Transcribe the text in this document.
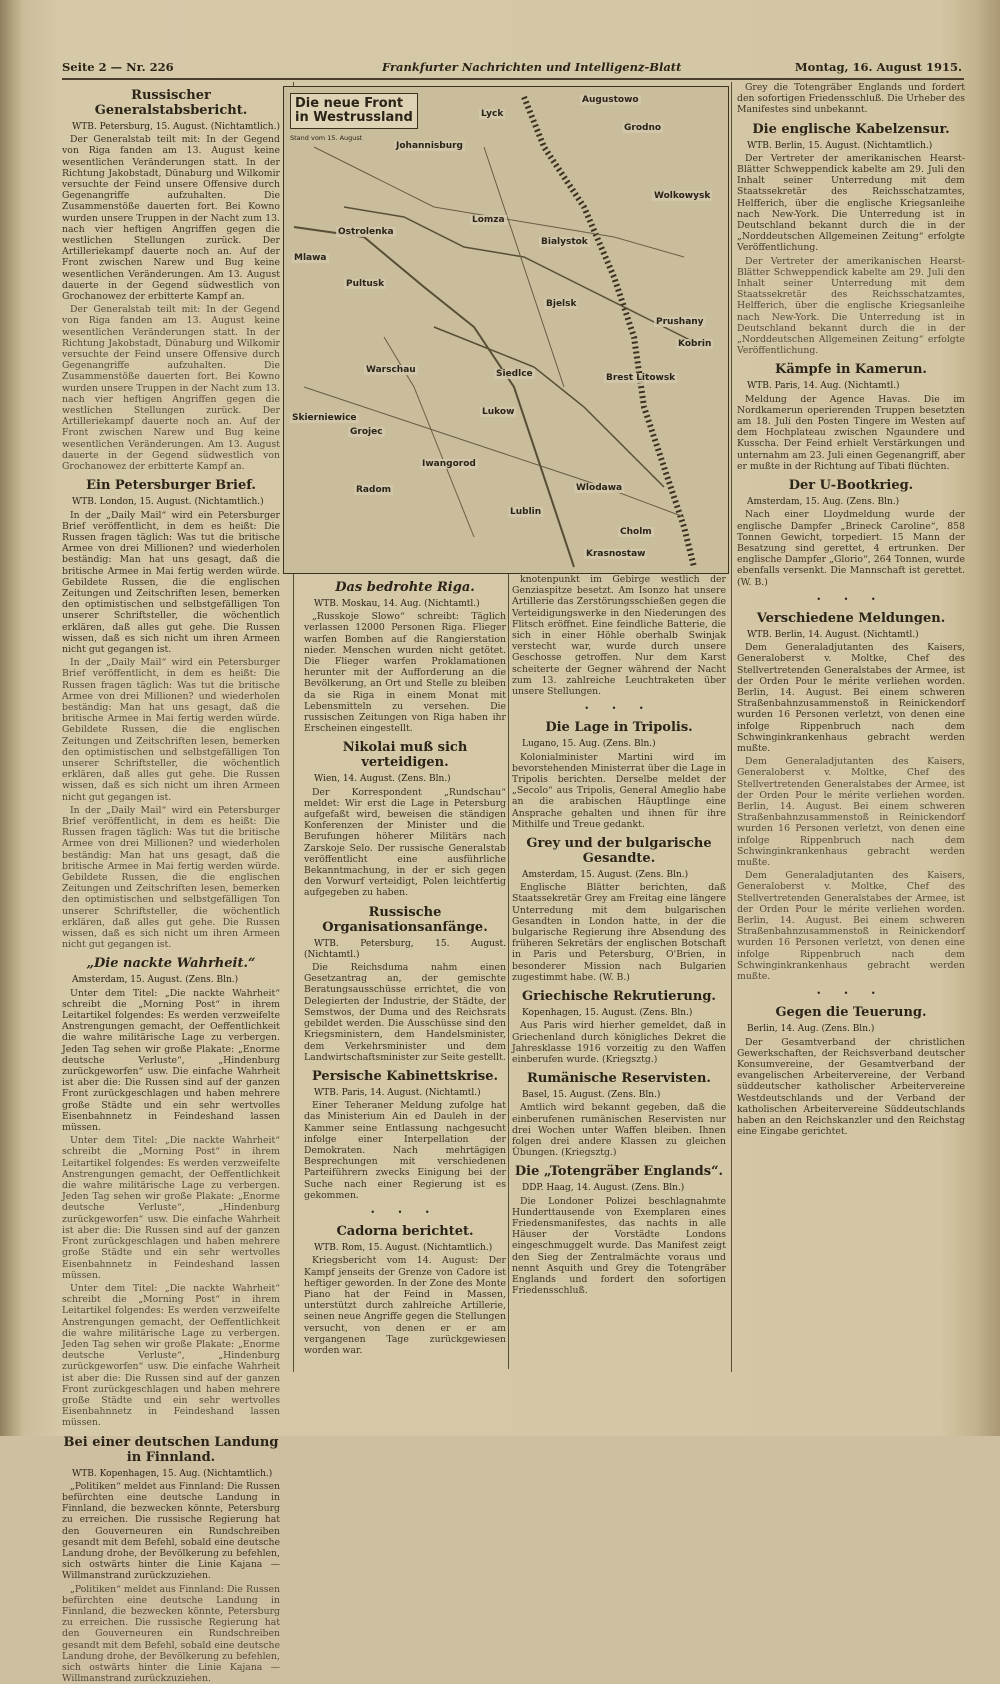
Seite 2 — Nr. 226	Frankfurter Nachrichten und Intelligenz-Blatt	Montag, 16. August 1915.
Russischer Generalstabsbericht.
WTB. Petersburg, 15. August. (Nichtamtlich.)
Der Generalstab teilt mit: In der Gegend von Riga fanden am 13. August keine wesentlichen Veränderungen statt. In der Richtung Jakobstadt, Dünaburg und Wilkomir versuchte der Feind unsere Offensive durch Gegenangriffe aufzuhalten. Die Zusammenstöße dauerten fort. Bei Kowno wurden unsere Truppen in der Nacht zum 13. nach vier heftigen Angriffen gegen die westlichen Stellungen zurück. Der Artilleriekampf dauerte noch an. Auf der Front zwischen Narew und Bug keine wesentlichen Veränderungen. Am 13. August dauerte in der Gegend südwestlich von Grochanowez der erbitterte Kampf an.
Der Generalstab teilt mit: In der Gegend von Riga fanden am 13. August keine wesentlichen Veränderungen statt. In der Richtung Jakobstadt, Dünaburg und Wilkomir versuchte der Feind unsere Offensive durch Gegenangriffe aufzuhalten. Die Zusammenstöße dauerten fort. Bei Kowno wurden unsere Truppen in der Nacht zum 13. nach vier heftigen Angriffen gegen die westlichen Stellungen zurück. Der Artilleriekampf dauerte noch an. Auf der Front zwischen Narew und Bug keine wesentlichen Veränderungen. Am 13. August dauerte in der Gegend südwestlich von Grochanowez der erbitterte Kampf an.
Ein Petersburger Brief.
WTB. London, 15. August. (Nichtamtlich.)
In der „Daily Mail“ wird ein Petersburger Brief veröffentlicht, in dem es heißt: Die Russen fragen täglich: Was tut die britische Armee von drei Millionen? und wiederholen beständig: Man hat uns gesagt, daß die britische Armee in Mai fertig werden würde. Gebildete Russen, die die englischen Zeitungen und Zeitschriften lesen, bemerken den optimistischen und selbstgefälligen Ton unserer Schriftsteller, die wöchentlich erklären, daß alles gut gehe. Die Russen wissen, daß es sich nicht um ihren Armeen nicht gut gegangen ist.
In der „Daily Mail“ wird ein Petersburger Brief veröffentlicht, in dem es heißt: Die Russen fragen täglich: Was tut die britische Armee von drei Millionen? und wiederholen beständig: Man hat uns gesagt, daß die britische Armee in Mai fertig werden würde. Gebildete Russen, die die englischen Zeitungen und Zeitschriften lesen, bemerken den optimistischen und selbstgefälligen Ton unserer Schriftsteller, die wöchentlich erklären, daß alles gut gehe. Die Russen wissen, daß es sich nicht um ihren Armeen nicht gut gegangen ist.
In der „Daily Mail“ wird ein Petersburger Brief veröffentlicht, in dem es heißt: Die Russen fragen täglich: Was tut die britische Armee von drei Millionen? und wiederholen beständig: Man hat uns gesagt, daß die britische Armee in Mai fertig werden würde. Gebildete Russen, die die englischen Zeitungen und Zeitschriften lesen, bemerken den optimistischen und selbstgefälligen Ton unserer Schriftsteller, die wöchentlich erklären, daß alles gut gehe. Die Russen wissen, daß es sich nicht um ihren Armeen nicht gut gegangen ist.
„Die nackte Wahrheit.“
Amsterdam, 15. August. (Zens. Bln.)
Unter dem Titel: „Die nackte Wahrheit“ schreibt die „Morning Post“ in ihrem Leitartikel folgendes: Es werden verzweifelte Anstrengungen gemacht, der Oeffentlichkeit die wahre militärische Lage zu verbergen. Jeden Tag sehen wir große Plakate: „Enorme deutsche Verluste“, „Hindenburg zurückgeworfen“ usw. Die einfache Wahrheit ist aber die: Die Russen sind auf der ganzen Front zurückgeschlagen und haben mehrere große Städte und ein sehr wertvolles Eisenbahnnetz in Feindeshand lassen müssen.
Unter dem Titel: „Die nackte Wahrheit“ schreibt die „Morning Post“ in ihrem Leitartikel folgendes: Es werden verzweifelte Anstrengungen gemacht, der Oeffentlichkeit die wahre militärische Lage zu verbergen. Jeden Tag sehen wir große Plakate: „Enorme deutsche Verluste“, „Hindenburg zurückgeworfen“ usw. Die einfache Wahrheit ist aber die: Die Russen sind auf der ganzen Front zurückgeschlagen und haben mehrere große Städte und ein sehr wertvolles Eisenbahnnetz in Feindeshand lassen müssen.
Unter dem Titel: „Die nackte Wahrheit“ schreibt die „Morning Post“ in ihrem Leitartikel folgendes: Es werden verzweifelte Anstrengungen gemacht, der Oeffentlichkeit die wahre militärische Lage zu verbergen. Jeden Tag sehen wir große Plakate: „Enorme deutsche Verluste“, „Hindenburg zurückgeworfen“ usw. Die einfache Wahrheit ist aber die: Die Russen sind auf der ganzen Front zurückgeschlagen und haben mehrere große Städte und ein sehr wertvolles Eisenbahnnetz in Feindeshand lassen müssen.
Bei einer deutschen Landung in Finnland.
WTB. Kopenhagen, 15. Aug. (Nichtamtlich.)
„Politiken“ meldet aus Finnland: Die Russen befürchten eine deutsche Landung in Finnland, die bezwecken könnte, Petersburg zu erreichen. Die russische Regierung hat den Gouverneuren ein Rundschreiben gesandt mit dem Befehl, sobald eine deutsche Landung drohe, der Bevölkerung zu befehlen, sich ostwärts hinter die Linie Kajana — Willmanstrand zurückzuziehen.
„Politiken“ meldet aus Finnland: Die Russen befürchten eine deutsche Landung in Finnland, die bezwecken könnte, Petersburg zu erreichen. Die russische Regierung hat den Gouverneuren ein Rundschreiben gesandt mit dem Befehl, sobald eine deutsche Landung drohe, der Bevölkerung zu befehlen, sich ostwärts hinter die Linie Kajana — Willmanstrand zurückzuziehen.
Die neue Front in Westrussland
Stand vom 15. August
Augustowo
Lyck
Grodno
Johannisburg
Lomza
Wolkowysk
Ostrolenka
Bialystok
Mlawa
Bjelsk
Pultusk
Prushany
Warschau	Siedlce	Brest Litowsk
Kobrin
Lukow
Skierniewice
Grojec
Iwangorod
Wlodawa
Radom
Lublin
Cholm
Krasnostaw
Das bedrohte Riga.
WTB. Moskau, 14. Aug. (Nichtamtl.)
„Russkoje Slowo“ schreibt: Täglich verlassen 12000 Personen Riga. Flieger warfen Bomben auf die Rangierstation nieder. Menschen wurden nicht getötet. Die Flieger warfen Proklamationen herunter mit der Aufforderung an die Bevölkerung, an Ort und Stelle zu bleiben da sie Riga in einem Monat mit Lebensmitteln zu versehen. Die russischen Zeitungen von Riga haben ihr Erscheinen eingestellt.
Nikolai muß sich verteidigen.
Wien, 14. August. (Zens. Bln.)
Der Korrespondent „Rundschau“ meldet: Wir erst die Lage in Petersburg aufgefaßt wird, beweisen die ständigen Konferenzen der Minister und die Berufungen höherer Militärs nach Zarskoje Selo. Der russische Generalstab veröffentlicht eine ausführliche Bekanntmachung, in der er sich gegen den Vorwurf verteidigt, Polen leichtfertig aufgegeben zu haben.
Russische Organisationsanfänge.
WTB. Petersburg, 15. August. (Nichtamtl.)
Die Reichsduma nahm einen Gesetzantrag an, der gemischte Beratungsausschüsse errichtet, die von Delegierten der Industrie, der Städte, der Semstwos, der Duma und des Reichsrats gebildet werden. Die Ausschüsse sind den Kriegsministern, dem Handelsminister, dem Verkehrsminister und dem Landwirtschaftsminister zur Seite gestellt.
Persische Kabinettskrise.
WTB. Paris, 14. August. (Nichtamtl.)
Einer Teheraner Meldung zufolge hat das Ministerium Ain ed Dauleh in der Kammer seine Entlassung nachgesucht infolge einer Interpellation der Demokraten. Nach mehrtägigen Besprechungen mit verschiedenen Parteiführern zwecks Einigung bei der Suche nach einer Regierung ist es gekommen.
• • •
Cadorna berichtet.
WTB. Rom, 15. August. (Nichtamtlich.)
Kriegsbericht vom 14. August: Der Kampf jenseits der Grenze von Cadore ist heftiger geworden. In der Zone des Monte Piano hat der Feind in Massen, unterstützt durch zahlreiche Artillerie, seinen neue Angriffe gegen die Stellungen versucht, von denen er er am vergangenen Tage zurückgewiesen worden war.
knotenpunkt im Gebirge westlich der Genziaspitze besetzt. Am Isonzo hat unsere Artillerie das Zerstörungsschießen gegen die Verteidigungswerke in den Niederungen des Flitsch eröffnet. Eine feindliche Batterie, die sich in einer Höhle oberhalb Swinjak verstecht war, wurde durch unsere Geschosse getroffen. Nur dem Karst scheiterte der Gegner während der Nacht zum 13. zahlreiche Leuchtraketen über unsere Stellungen.
• • •
Die Lage in Tripolis.
Lugano, 15. Aug. (Zens. Bln.)
Kolonialminister Martini wird im bevorstehenden Ministerrat über die Lage in Tripolis berichten. Derselbe meldet der „Secolo“ aus Tripolis, General Ameglio habe an die arabischen Häuptlinge eine Ansprache gehalten und ihnen für ihre Mithilfe und Treue gedankt.
Grey und der bulgarische Gesandte.
Amsterdam, 15. August. (Zens. Bln.)
Englische Blätter berichten, daß Staatssekretär Grey am Freitag eine längere Unterredung mit dem bulgarischen Gesandten in London hatte, in der die bulgarische Regierung ihre Absendung des früheren Sekretärs der englischen Botschaft in Paris und Petersburg, O'Brien, in besonderer Mission nach Bulgarien zugestimmt habe. (W. B.)
Griechische Rekrutierung.
Kopenhagen, 15. August. (Zens. Bln.)
Aus Paris wird hierher gemeldet, daß in Griechenland durch königliches Dekret die Jahresklasse 1916 vorzeitig zu den Waffen einberufen wurde. (Kriegsztg.)
Rumänische Reservisten.
Basel, 15. August. (Zens. Bln.)
Amtlich wird bekannt gegeben, daß die einberufenen rumänischen Reservisten nur drei Wochen unter Waffen bleiben. Ihnen folgen drei andere Klassen zu gleichen Übungen. (Kriegsztg.)
Die „Totengräber Englands“.
DDP. Haag, 14. August. (Zens. Bln.)
Die Londoner Polizei beschlagnahmte Hunderttausende von Exemplaren eines Friedensmanifestes, das nachts in alle Häuser der Vorstädte Londons eingeschmuggelt wurde. Das Manifest zeigt den Sieg der Zentralmächte voraus und nennt Asquith und Grey die Totengräber Englands und fordert den sofortigen Friedensschluß.
Grey die Totengräber Englands und fordert den sofortigen Friedensschluß. Die Urheber des Manifestes sind unbekannt.
Die englische Kabelzensur.
WTB. Berlin, 15. August. (Nichtamtlich.)
Der Vertreter der amerikanischen Hearst-Blätter Schweppendick kabelte am 29. Juli den Inhalt seiner Unterredung mit dem Staatssekretär des Reichsschatzamtes, Helfferich, über die englische Kriegsanleihe nach New-York. Die Unterredung ist in Deutschland bekannt durch die in der „Norddeutschen Allgemeinen Zeitung“ erfolgte Veröffentlichung.
Der Vertreter der amerikanischen Hearst-Blätter Schweppendick kabelte am 29. Juli den Inhalt seiner Unterredung mit dem Staatssekretär des Reichsschatzamtes, Helfferich, über die englische Kriegsanleihe nach New-York. Die Unterredung ist in Deutschland bekannt durch die in der „Norddeutschen Allgemeinen Zeitung“ erfolgte Veröffentlichung.
Kämpfe in Kamerun.
WTB. Paris, 14. Aug. (Nichtamtl.)
Meldung der Agence Havas. Die im Nordkamerun operierenden Truppen besetzten am 18. Juli den Posten Tingere im Westen auf dem Hochplateau zwischen Ngaundere und Kusscha. Der Feind erhielt Verstärkungen und unternahm am 23. Juli einen Gegenangriff, aber er mußte in der Richtung auf Tibati flüchten.
Der U-Bootkrieg.
Amsterdam, 15. Aug. (Zens. Bln.)
Nach einer Lloydmeldung wurde der englische Dampfer „Brineck Caroline“, 858 Tonnen Gewicht, torpediert. 15 Mann der Besatzung sind gerettet, 4 ertrunken. Der englische Dampfer „Glorio“, 264 Tonnen, wurde ebenfalls versenkt. Die Mannschaft ist gerettet. (W. B.)
• • •
Verschiedene Meldungen.
WTB. Berlin, 14. August. (Nichtamtl.)
Dem Generaladjutanten des Kaisers, Generaloberst v. Moltke, Chef des Stellvertretenden Generalstabes der Armee, ist der Orden Pour le mérite verliehen worden. Berlin, 14. August. Bei einem schweren Straßenbahnzusammenstoß in Reinickendorf wurden 16 Personen verletzt, von denen eine infolge Rippenbruch nach dem Schwinginkrankenhaus gebracht werden mußte.
Dem Generaladjutanten des Kaisers, Generaloberst v. Moltke, Chef des Stellvertretenden Generalstabes der Armee, ist der Orden Pour le mérite verliehen worden. Berlin, 14. August. Bei einem schweren Straßenbahnzusammenstoß in Reinickendorf wurden 16 Personen verletzt, von denen eine infolge Rippenbruch nach dem Schwinginkrankenhaus gebracht werden mußte.
Dem Generaladjutanten des Kaisers, Generaloberst v. Moltke, Chef des Stellvertretenden Generalstabes der Armee, ist der Orden Pour le mérite verliehen worden. Berlin, 14. August. Bei einem schweren Straßenbahnzusammenstoß in Reinickendorf wurden 16 Personen verletzt, von denen eine infolge Rippenbruch nach dem Schwinginkrankenhaus gebracht werden mußte.
• • •
Gegen die Teuerung.
Berlin, 14. Aug. (Zens. Bln.)
Der Gesamtverband der christlichen Gewerkschaften, der Reichsverband deutscher Konsumvereine, der Gesamtverband der evangelischen Arbeitervereine, der Verband süddeutscher katholischer Arbeitervereine Westdeutschlands und der Verband der katholischen Arbeitervereine Süddeutschlands haben an den Reichskanzler und den Reichstag eine Eingabe gerichtet.
